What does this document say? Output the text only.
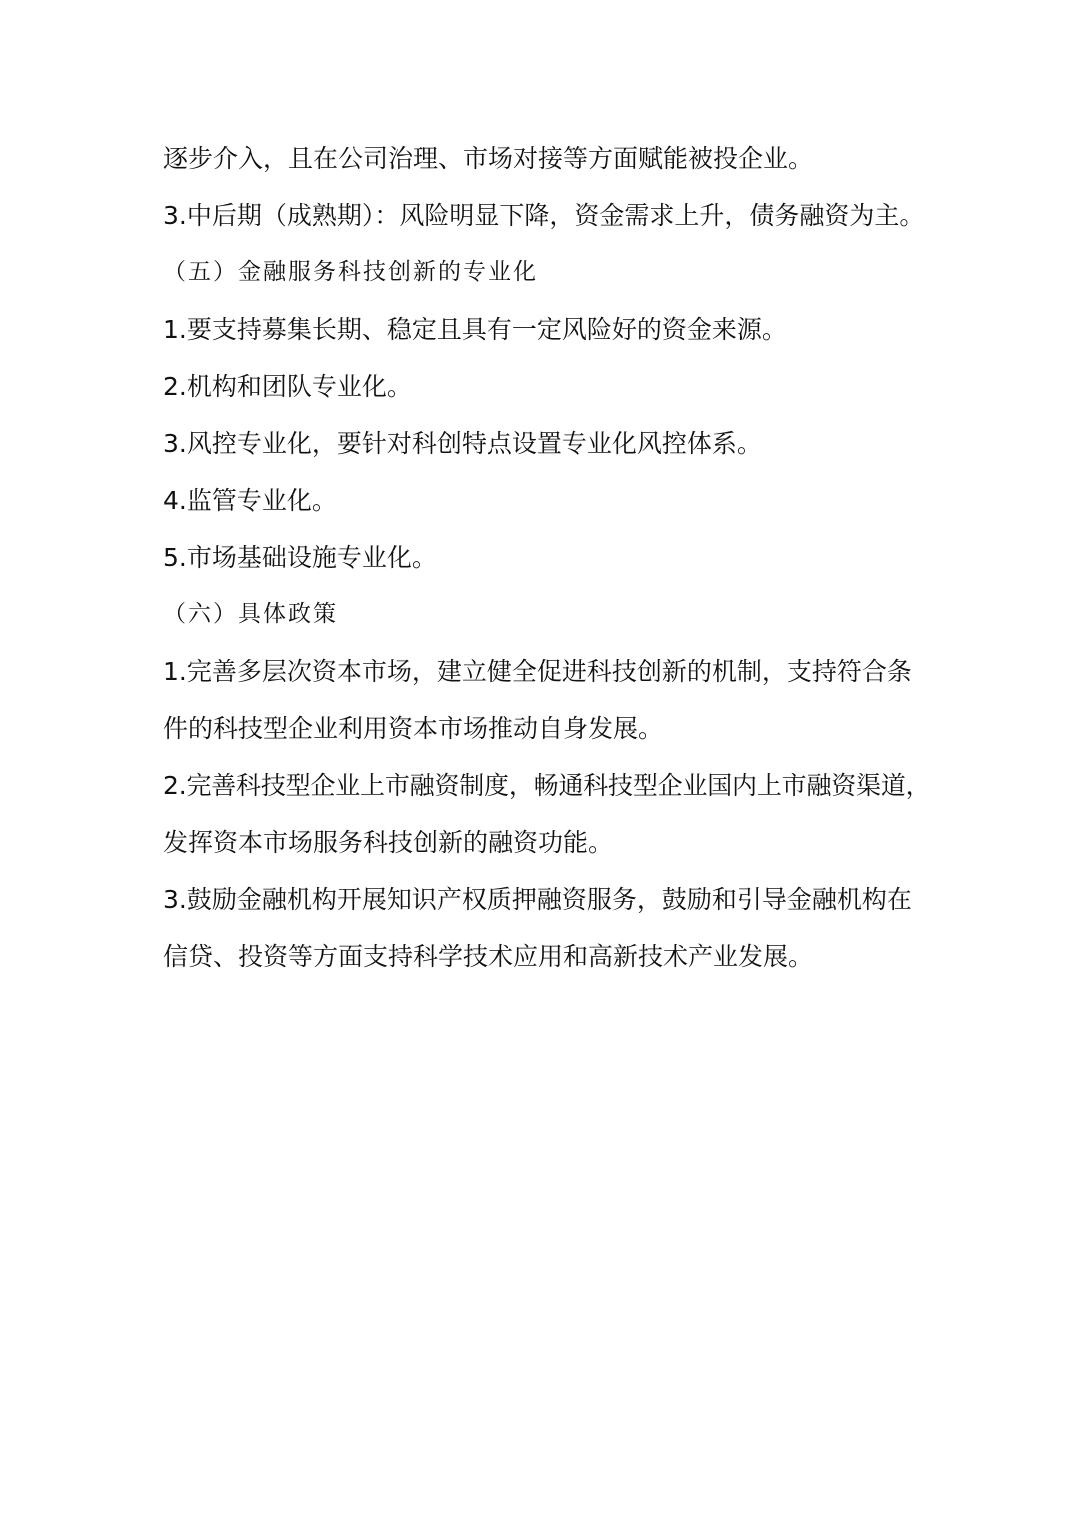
逐步介入，且在公司治理、市场对接等方面赋能被投企业。
3.中后期（成熟期）：风险明显下降，资金需求上升，债务融资为主。
（五）金融服务科技创新的专业化
1.要支持募集长期、稳定且具有一定风险好的资金来源。
2.机构和团队专业化。
3.风控专业化，要针对科创特点设置专业化风控体系。
4.监管专业化。
5.市场基础设施专业化。
（六）具体政策
1.完善多层次资本市场，建立健全促进科技创新的机制，支持符合条
件的科技型企业利用资本市场推动自身发展。
2.完善科技型企业上市融资制度，畅通科技型企业国内上市融资渠道，
发挥资本市场服务科技创新的融资功能。
3.鼓励金融机构开展知识产权质押融资服务，鼓励和引导金融机构在
信贷、投资等方面支持科学技术应用和高新技术产业发展。
